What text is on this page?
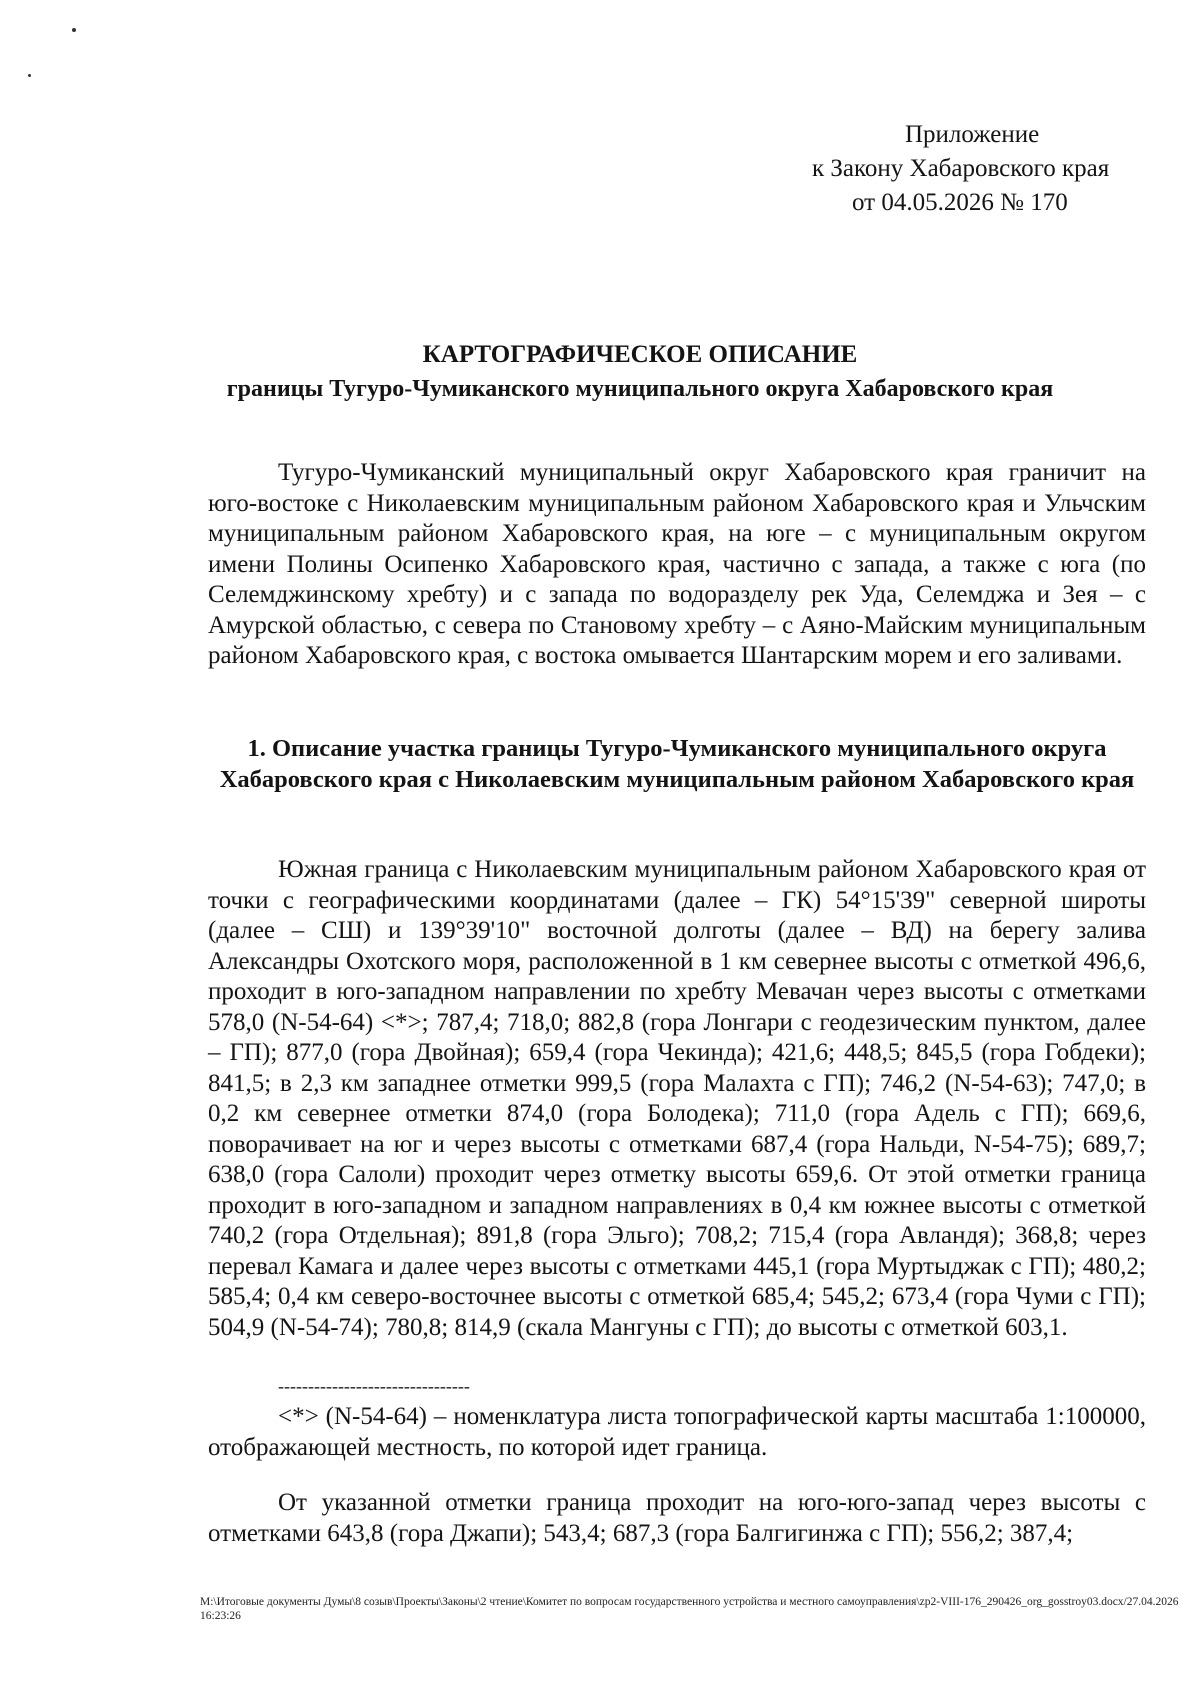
Приложение
к Закону Хабаровского края
от 04.05.2026 № 170
КАРТОГРАФИЧЕСКОЕ ОПИСАНИЕ
границы Тугуро-Чумиканского муниципального округа Хабаровского края
Тугуро-Чумиканский муниципальный округ Хабаровского края граничит на юго-востоке с Николаевским муниципальным районом Хабаровского края и Ульчским муниципальным районом Хабаровского края, на юге – с муниципальным округом имени Полины Осипенко Хабаровского края, частично с запада, а также с юга (по Селемджинскому хребту) и с запада по водоразделу рек Уда, Селемджа и Зея – с Амурской областью, с севера по Становому хребту – с Аяно-Майским муниципальным районом Хабаровского края, с востока омывается Шантарским морем и его заливами.
1. Описание участка границы Тугуро-Чумиканского муниципального округа Хабаровского края с Николаевским муниципальным районом Хабаровского края
Южная граница с Николаевским муниципальным районом Хабаровского края от точки с географическими координатами (далее – ГК) 54°15'39" северной широты (далее – СШ) и 139°39'10" восточной долготы (далее – ВД) на берегу залива Александры Охотского моря, расположенной в 1 км севернее высоты с отметкой 496,6, проходит в юго-западном направлении по хребту Мевачан через высоты с отметками 578,0 (N-54-64) <*>; 787,4; 718,0; 882,8 (гора Лонгари с геодезическим пунктом, далее – ГП); 877,0 (гора Двойная); 659,4 (гора Чекинда); 421,6; 448,5; 845,5 (гора Гобдеки); 841,5; в 2,3 км западнее отметки 999,5 (гора Малахта с ГП); 746,2 (N-54-63); 747,0; в 0,2 км севернее отметки 874,0 (гора Болодека); 711,0 (гора Адель с ГП); 669,6, поворачивает на юг и через высоты с отметками 687,4 (гора Нальди, N-54-75); 689,7; 638,0 (гора Салоли) проходит через отметку высоты 659,6. От этой отметки граница проходит в юго-западном и западном направлениях в 0,4 км южнее высоты с отметкой 740,2 (гора Отдельная); 891,8 (гора Эльго); 708,2; 715,4 (гора Авландя); 368,8; через перевал Камага и далее через высоты с отметками 445,1 (гора Муртыджак с ГП); 480,2; 585,4; 0,4 км северо-восточнее высоты с отметкой 685,4; 545,2; 673,4 (гора Чуми с ГП); 504,9 (N-54-74); 780,8; 814,9 (скала Мангуны с ГП); до высоты с отметкой 603,1.
--------------------------------
<*> (N-54-64) – номенклатура листа топографической карты масштаба 1:100000, отображающей местность, по которой идет граница.
От указанной отметки граница проходит на юго-юго-запад через высоты с отметками 643,8 (гора Джапи); 543,4; 687,3 (гора Балгигинжа с ГП); 556,2; 387,4;
M:\Итоговые документы Думы\8 созыв\Проекты\Законы\2 чтение\Комитет по вопросам государственного устройства и местного самоуправления\zp2-VIII-176_290426_org_gosstroy03.docx/27.04.2026 16:23:26
